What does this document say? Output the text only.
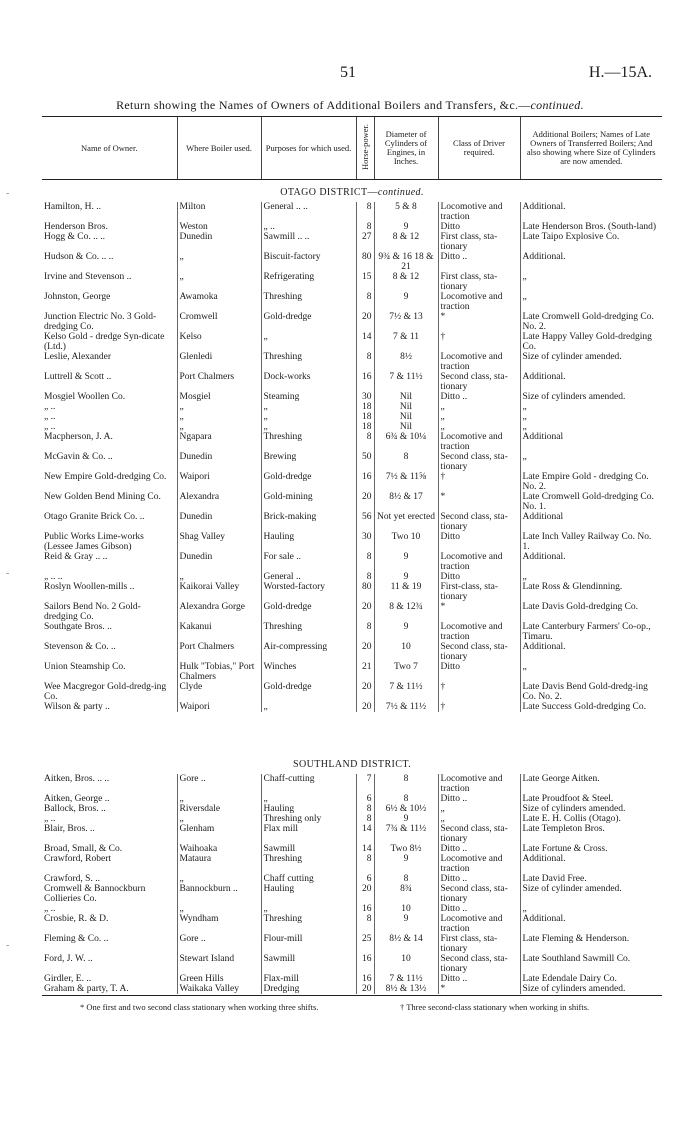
51	H.—15A.
Return showing the Names of Owners of Additional Boilers and Transfers, &c.—continued.
Name of Owner.	Where Boiler used.	Purposes for which used.	Horse-power.	Diameter of Cylinders of Engines, in Inches.	Class of Driver required.	Additional Boilers; Names of Late Owners of Transferred Boilers; And also showing where Size of Cylinders are now amended.
OTAGO DISTRICT—continued.						
Hamilton, H. ..	Milton	General .. ..	8	5 & 8	Locomotive and traction	Additional.
Henderson Bros.	Weston	„ ..	8	9	Ditto	Late Henderson Bros. (South-land)
Hogg & Co. .. ..	Dunedin	Sawmill .. ..	27	8 & 12	First class, sta-tionary	Late Taipo Explosive Co.
Hudson & Co. .. ..	„	Biscuit-factory	80	9¾ & 16 18 & 21	Ditto ..	Additional.
Irvine and Stevenson ..	„	Refrigerating	15	8 & 12	First class, sta-tionary	„
Johnston, George	Awamoka	Threshing	8	9	Locomotive and traction	„
Junction Electric No. 3 Gold-dredging Co.	Cromwell	Gold-dredge	20	7½ & 13	*	Late Cromwell Gold-dredging Co. No. 2.
Kelso Gold - dredge Syn-dicate (Ltd.)	Kelso	„	14	7 & 11	†	Late Happy Valley Gold-dredging Co.
Leslie, Alexander	Glenledi	Threshing	8	8½	Locomotive and traction	Size of cylinder amended.
Luttrell & Scott ..	Port Chalmers	Dock-works	16	7 & 11½	Second class, sta-tionary	Additional.
Mosgiel Woollen Co.	Mosgiel	Steaming	30	Nil	Ditto ..	Size of cylinders amended.
„ ..	„	„	18	Nil	„	„
„ ..	„	„	18	Nil	„	„
„ ..	„	„	18	Nil	„	„
Macpherson, J. A.	Ngapara	Threshing	8	6¾ & 10¼	Locomotive and traction	Additional
McGavin & Co. ..	Dunedin	Brewing	50	8	Second class, sta-tionary	„
New Empire Gold-dredging Co.	Waipori	Gold-dredge	16	7½ & 11⅝	†	Late Empire Gold - dredging Co. No. 2.
New Golden Bend Mining Co.	Alexandra	Gold-mining	20	8½ & 17	*	Late Cromwell Gold-dredging Co. No. 1.
Otago Granite Brick Co. ..	Dunedin	Brick-making	56	Not yet erected	Second class, sta-tionary	Additional
Public Works Lime-works (Lessee James Gibson)	Shag Valley	Hauling	30	Two 10	Ditto	Late Inch Valley Railway Co. No. 1.
Reid & Gray .. ..	Dunedin	For sale ..	8	9	Locomotive and traction	Additional.
„ .. ..	„	General ..	8	9	Ditto	„
Roslyn Woollen-mills ..	Kaikorai Valley	Worsted-factory	80	11 & 19	First-class, sta-tionary	Late Ross & Glendinning.
Sailors Bend No. 2 Gold-dredging Co.	Alexandra Gorge	Gold-dredge	20	8 & 12¾	*	Late Davis Gold-dredging Co.
Southgate Bros. ..	Kakanui	Threshing	8	9	Locomotive and traction	Late Canterbury Farmers' Co-op., Timaru.
Stevenson & Co. ..	Port Chalmers	Air-compressing	20	10	Second class, sta-tionary	Additional.
Union Steamship Co.	Hulk "Tobias," Port Chalmers	Winches	21	Two 7	Ditto	„
Wee Macgregor Gold-dredg-ing Co.	Clyde	Gold-dredge	20	7 & 11½	†	Late Davis Bend Gold-dredg-ing Co. No. 2.
Wilson & party ..	Waipori	„	20	7½ & 11½	†	Late Success Gold-dredging Co.
SOUTHLAND DISTRICT.						
Aitken, Bros. .. ..	Gore ..	Chaff-cutting	7	8	Locomotive and traction	Late George Aitken.
Aitken, George ..	„	„	6	8	Ditto ..	Late Proudfoot & Steel.
Ballock, Bros. ..	Riversdale	Hauling	8	6½ & 10½	„	Size of cylinders amended.
„ ..	„	Threshing only	8	9	„	Late E. H. Collis (Otago).
Blair, Bros. ..	Glenham	Flax mill	14	7¾ & 11½	Second class, sta-tionary	Late Templeton Bros.
Broad, Small, & Co.	Waihoaka	Sawmill	14	Two 8½	Ditto ..	Late Fortune & Cross.
Crawford, Robert	Mataura	Threshing	8	9	Locomotive and traction	Additional.
Crawford, S. ..	„	Chaff cutting	6	8	Ditto ..	Late David Free.
Cromwell & Bannockburn Collieries Co.	Bannockburn ..	Hauling	20	8¾	Second class, sta-tionary	Size of cylinder amended.
„ ..	„	„	16	10	Ditto ..	„
Crosbie, R. & D.	Wyndham	Threshing	8	9	Locomotive and traction	Additional.
Fleming & Co. ..	Gore ..	Flour-mill	25	8½ & 14	First class, sta-tionary	Late Fleming & Henderson.
Ford, J. W. ..	Stewart Island	Sawmill	16	10	Second class, sta-tionary	Late Southland Sawmill Co.
Girdler, E. ..	Green Hills	Flax-mill	16	7 & 11½	Ditto ..	Late Edendale Dairy Co.
Graham & party, T. A.	Waikaka Valley	Dredging	20	8½ & 13½	*	Size of cylinders amended.
* One first and two second class stationary when working three shifts.	† Three second-class stationary when working in shifts.
-
-
-
